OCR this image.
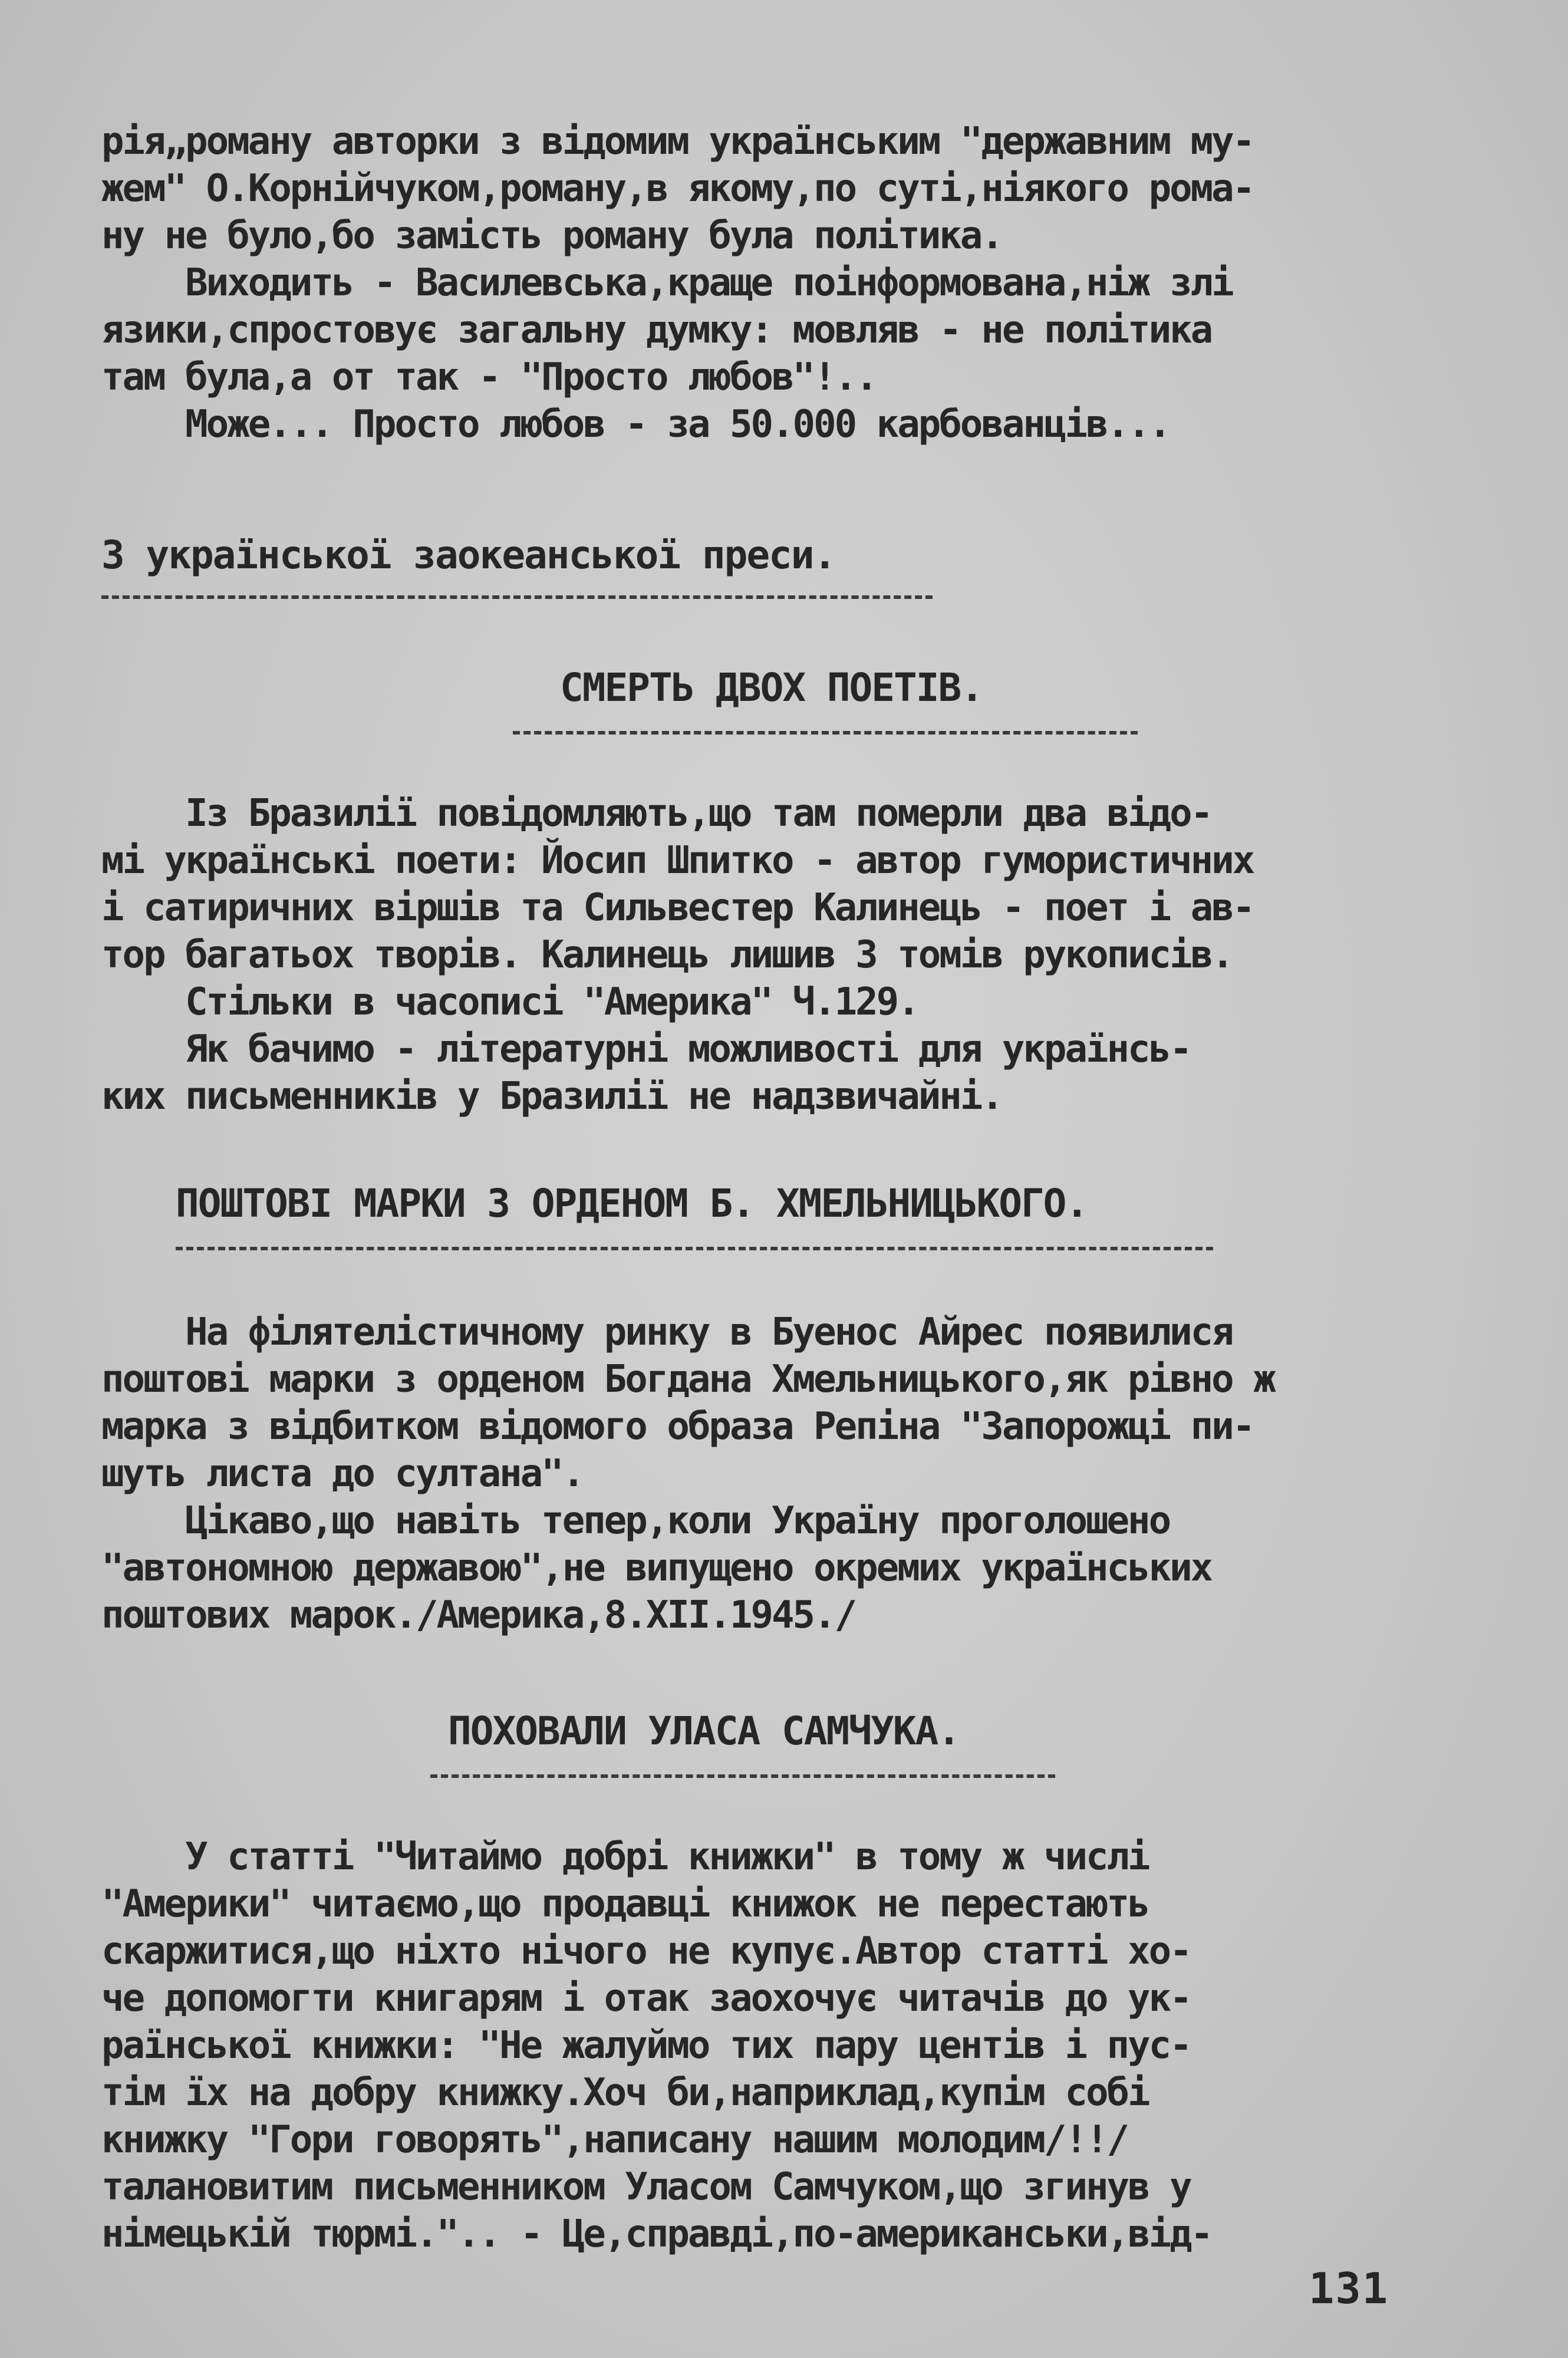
рія„роману авторки з відомим українським "державним му-
жем" О.Корнійчуком,роману,в якому,по суті,ніякого рома-
ну не було,бо замість роману була політика.
Виходить - Василевська,краще поінформована,ніж злі
язики,спростовує загальну думку: мовляв - не політика
там була,а от так - "Просто любов"!..
Може... Просто любов - за 50.000 карбованців...
З української заокеанської преси.
СМЕРТЬ ДВОХ ПОЕТІВ.
Із Бразилії повідомляють,що там померли два відо-
мі українські поети: Йосип Шпитко - автор гумористичних
і сатиричних віршів та Сильвестер Калинець - поет і ав-
тор багатьох творів. Калинець лишив 3 томів рукописів.
Стільки в часописі "Америка" Ч.129.
Як бачимо - літературні можливості для українсь-
ких письменників у Бразилії не надзвичайні.
ПОШТОВІ МАРКИ З ОРДЕНОМ Б. ХМЕЛЬНИЦЬКОГО.
На філятелістичному ринку в Буенос Айрес появилися
поштові марки з орденом Богдана Хмельницького,як рівно ж
марка з відбитком відомого образа Репіна "Запорожці пи-
шуть листа до султана".
Цікаво,що навіть тепер,коли Україну проголошено
"автономною державою",не випущено окремих українських
поштових марок./Америка,8.XII.1945./
ПОХОВАЛИ УЛАСА САМЧУКА.
У статті "Читаймо добрі книжки" в тому ж числі
"Америки" читаємо,що продавці книжок не перестають
скаржитися,що ніхто нічого не купує.Автор статті хо-
че допомогти книгарям і отак заохочує читачів до ук-
раїнської книжки: "Не жалуймо тих пару центів і пус-
тім їх на добру книжку.Хоч би,наприклад,купім собі
книжку "Гори говорять",написану нашим молодим/!!/
талановитим письменником Уласом Самчуком,що згинув у
німецькій тюрмі.".. - Це,справді,по-американськи,від-
131
